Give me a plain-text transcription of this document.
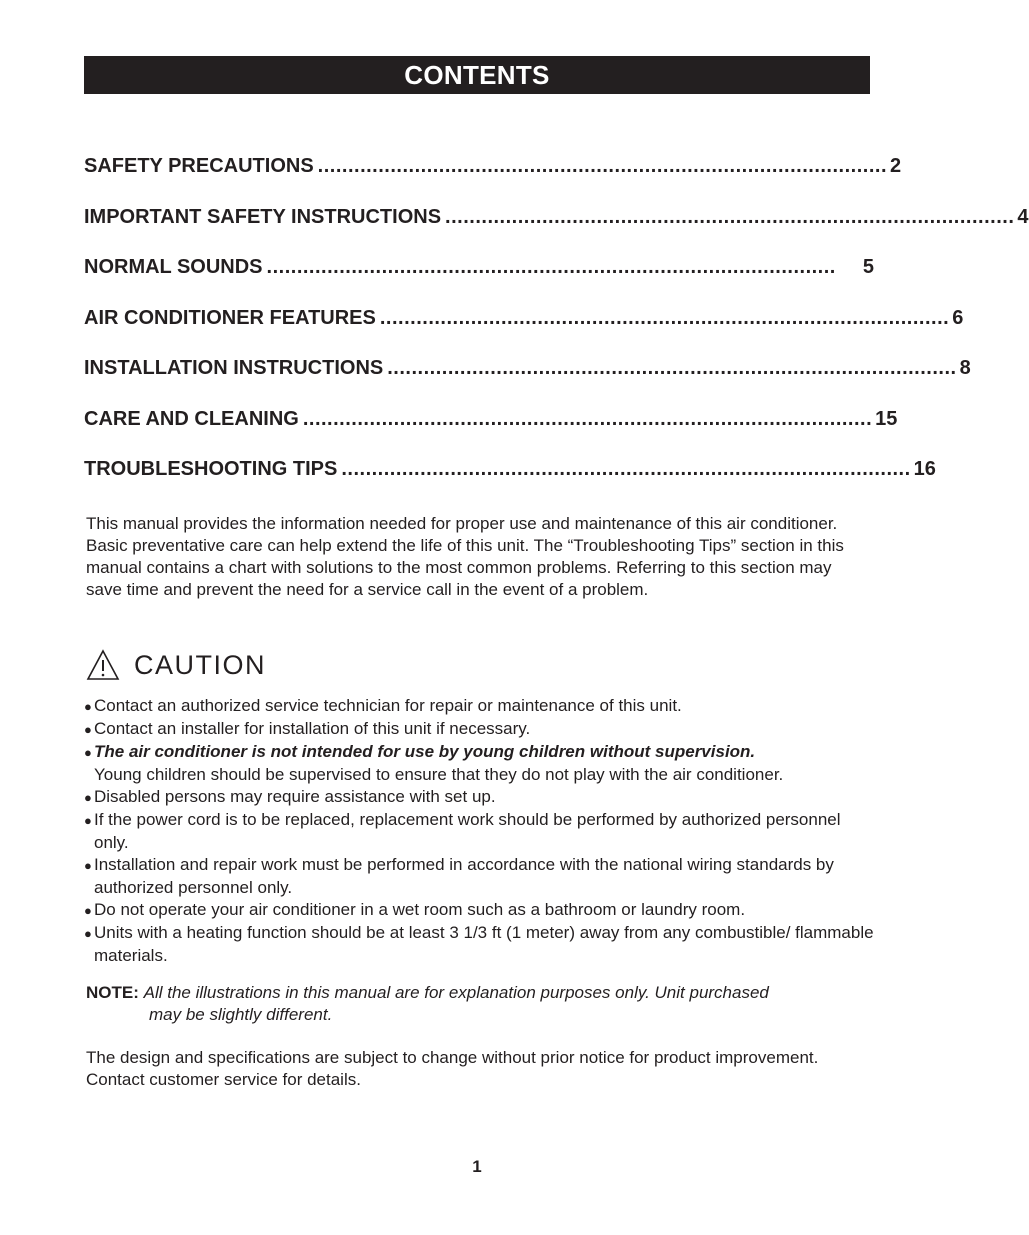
CONTENTS
SAFETY PRECAUTIONS .............................................................................................. 2
IMPORTANT SAFETY INSTRUCTIONS .............................................................................................. 4
NORMAL SOUNDS ..............................................................................................	5
AIR CONDITIONER FEATURES .............................................................................................. 6
INSTALLATION INSTRUCTIONS .............................................................................................. 8
CARE AND CLEANING .............................................................................................. 15
TROUBLESHOOTING TIPS .............................................................................................. 16
This manual provides the information needed for proper use and maintenance of this air conditioner. Basic preventative care can help extend the life of this unit. The “Troubleshooting Tips” section in this manual contains a chart with solutions to the most common problems. Referring to this section may save time and prevent the need for a service call in the event of a problem.
CAUTION
● Contact an authorized service technician for repair or maintenance of this unit.
● Contact an installer for installation of this unit if necessary.
● The air conditioner is not intended for use by young children without supervision.
Young children should be supervised to ensure that they do not play with the air conditioner.
● Disabled persons may require assistance with set up.
● If the power cord is to be replaced, replacement work should be performed by authorized personnel only.
● Installation and repair work must be performed in accordance with the national wiring standards by authorized personnel only.
● Do not operate your air conditioner in a wet room such as a bathroom or laundry room.
● Units with a heating function should be at least 3 1/3 ft (1 meter) away from any combustible/ flammable materials.
NOTE: All the illustrations in this manual are for explanation purposes only. Unit purchased
may be slightly different.
The design and specifications are subject to change without prior notice for product improvement. Contact customer service for details.
1
